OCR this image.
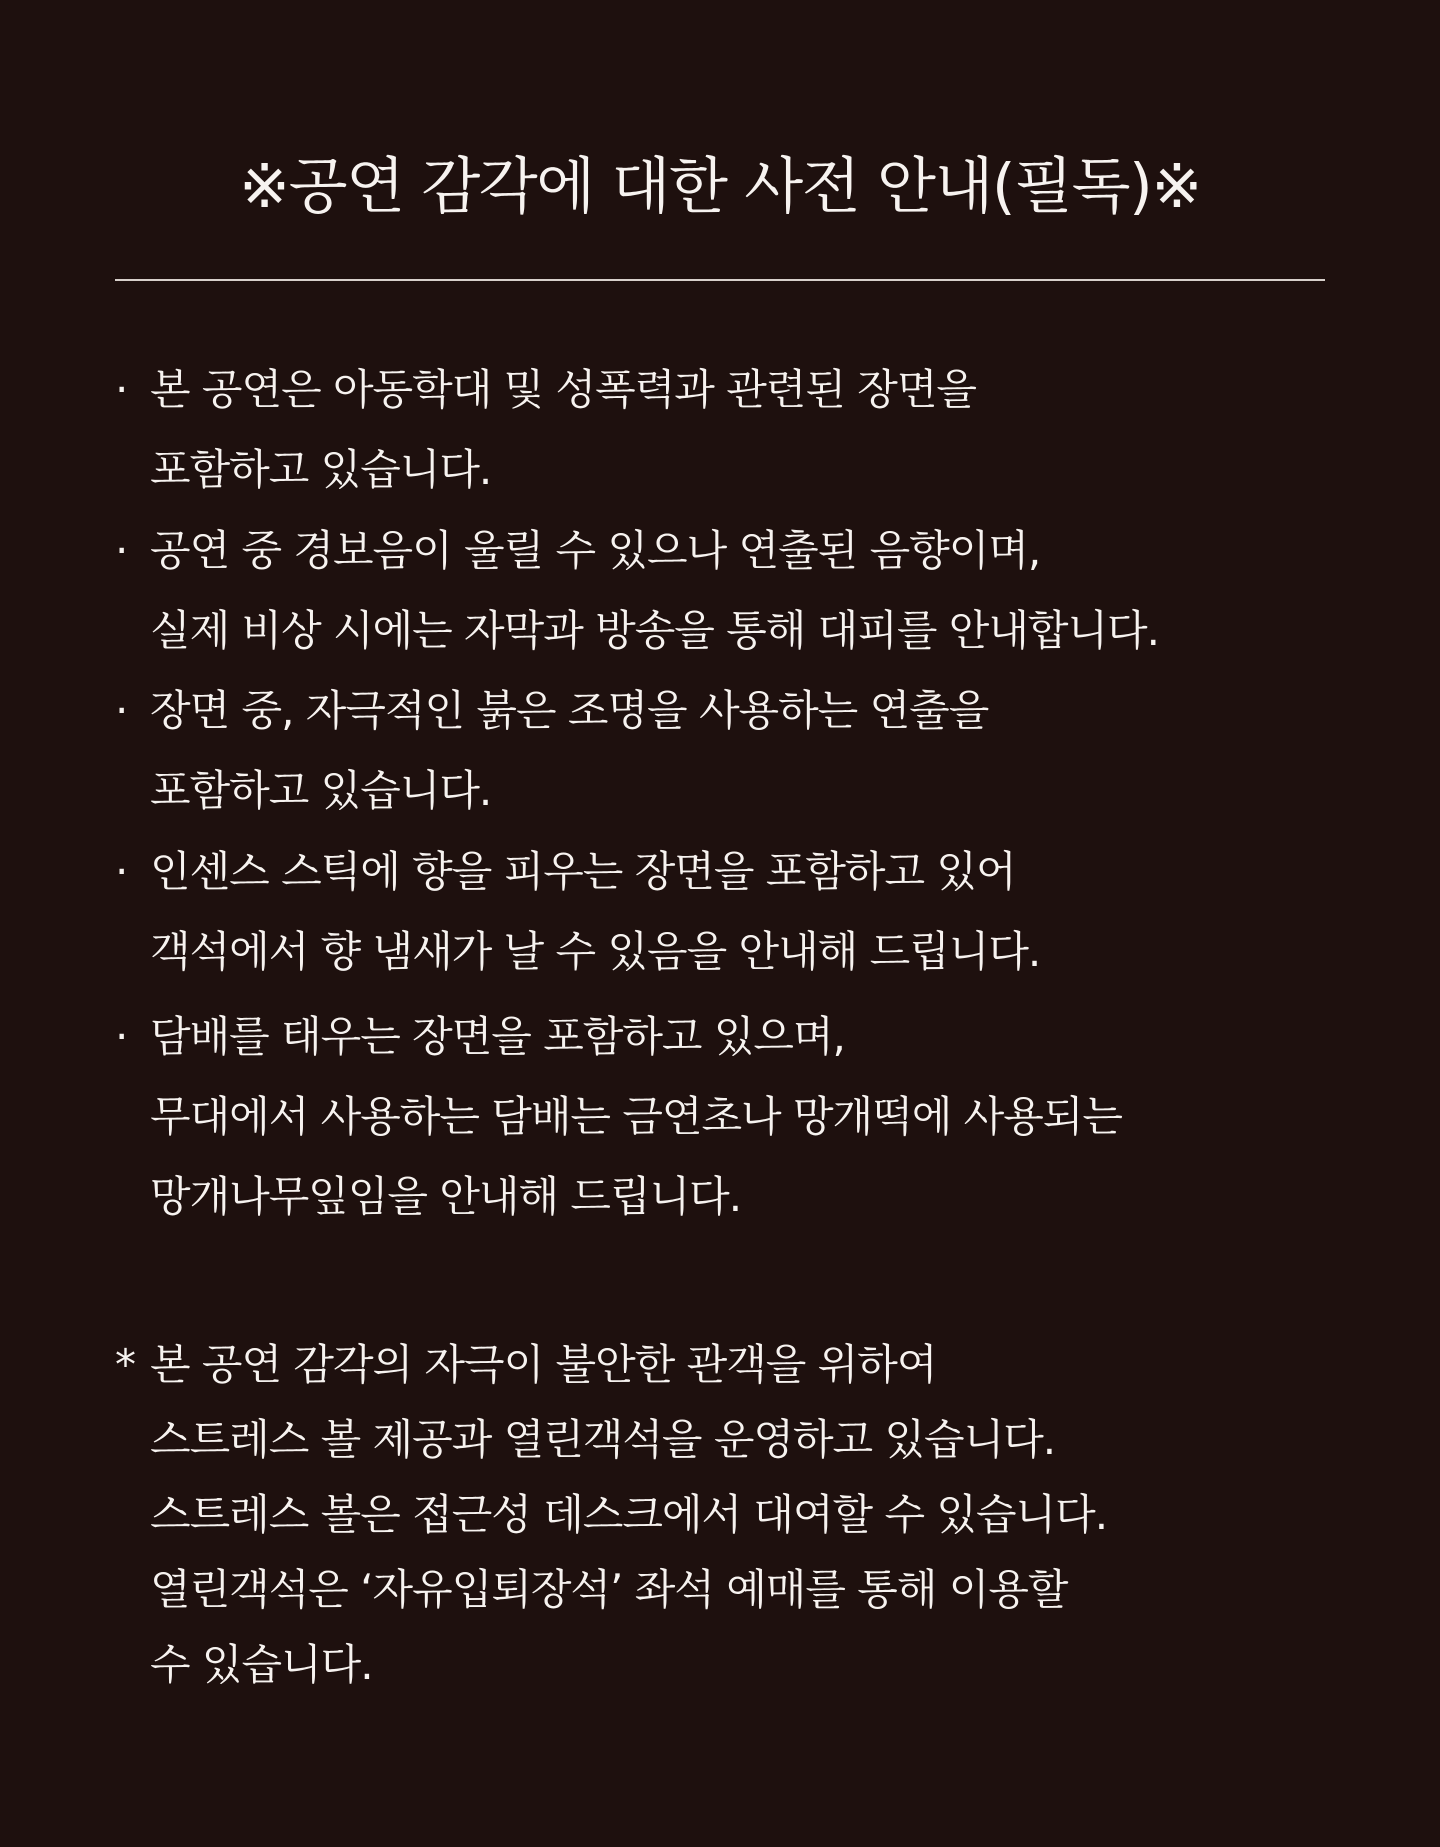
※공연 감각에 대한 사전 안내(필독)※
· 본 공연은 아동학대 및 성폭력과 관련된 장면을
포함하고 있습니다.
· 공연 중 경보음이 울릴 수 있으나 연출된 음향이며,
실제 비상 시에는 자막과 방송을 통해 대피를 안내합니다.
· 장면 중, 자극적인 붉은 조명을 사용하는 연출을
포함하고 있습니다.
· 인센스 스틱에 향을 피우는 장면을 포함하고 있어
객석에서 향 냄새가 날 수 있음을 안내해 드립니다.
· 담배를 태우는 장면을 포함하고 있으며,
무대에서 사용하는 담배는 금연초나 망개떡에 사용되는
망개나무잎임을 안내해 드립니다.
* 본 공연 감각의 자극이 불안한 관객을 위하여
스트레스 볼 제공과 열린객석을 운영하고 있습니다.
스트레스 볼은 접근성 데스크에서 대여할 수 있습니다.
열린객석은 ‘자유입퇴장석’ 좌석 예매를 통해 이용할
수 있습니다.
